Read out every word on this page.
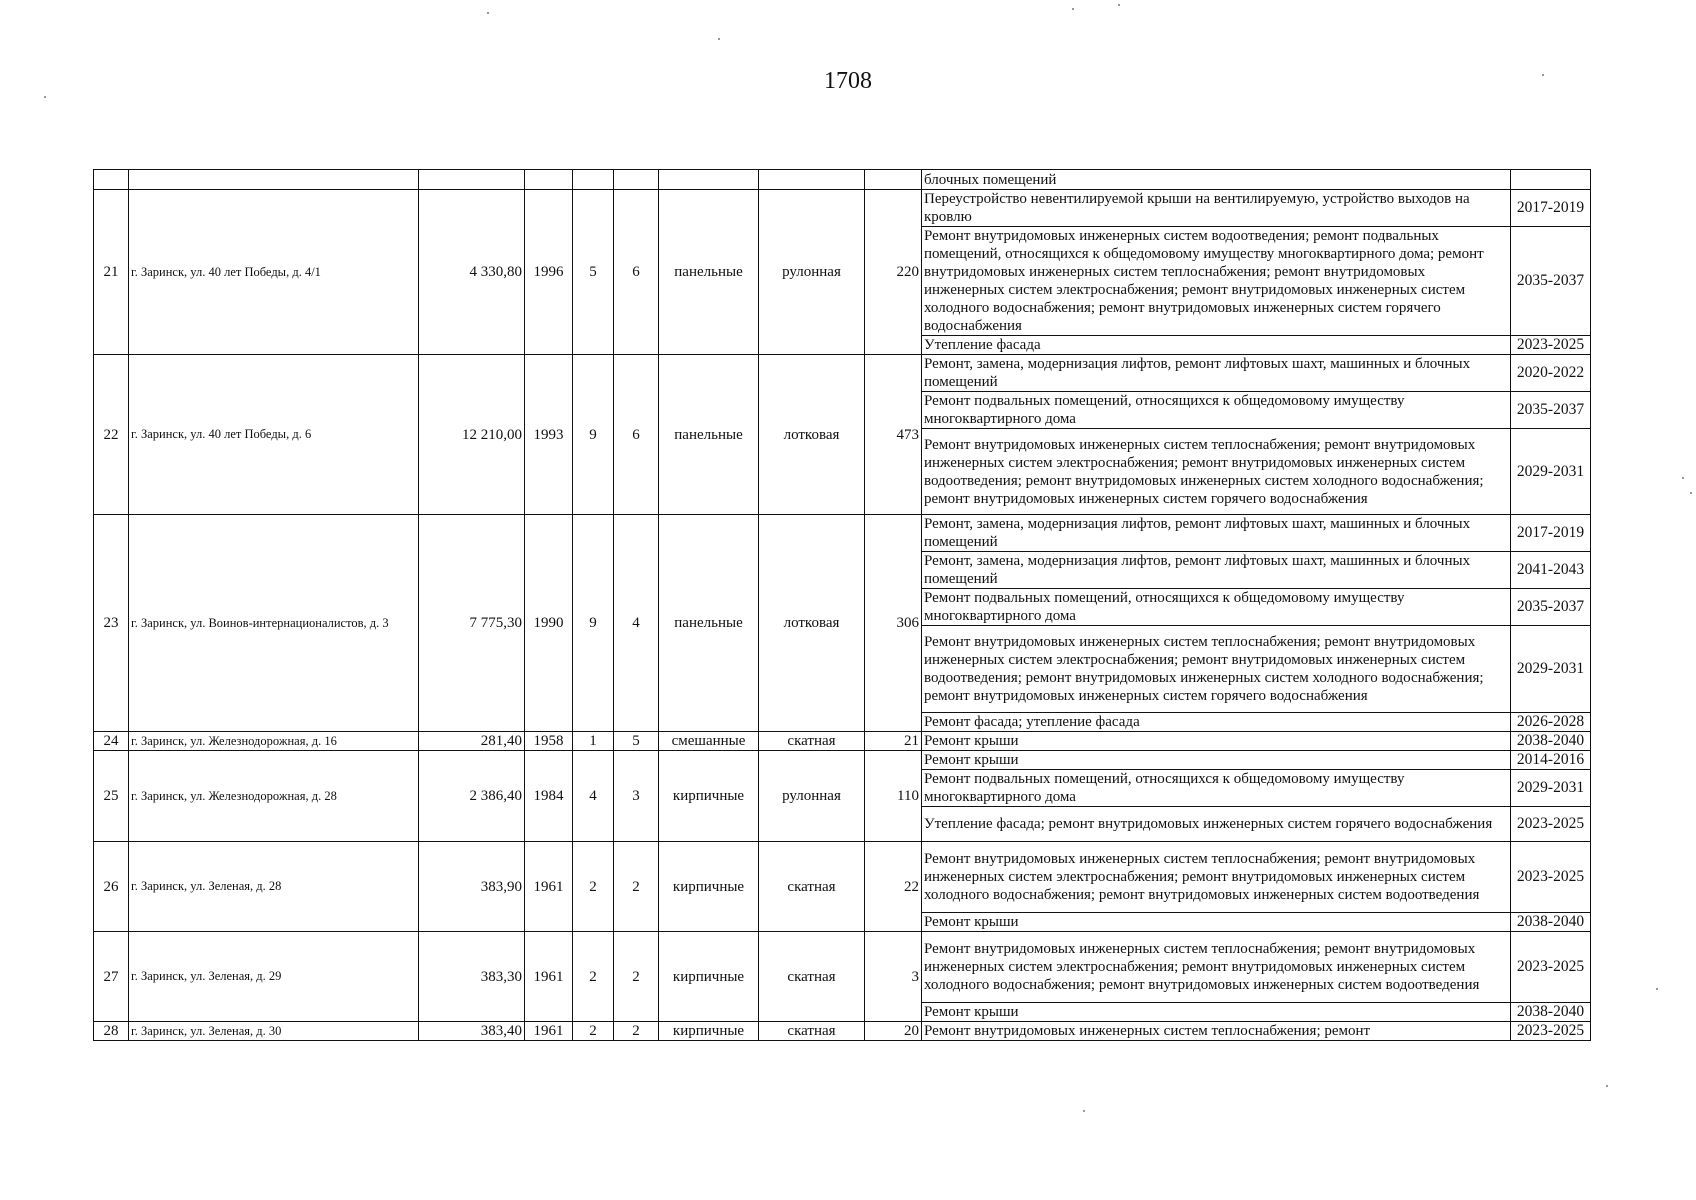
1708
									блочных помещений	
21	г. Заринск, ул. 40 лет Победы, д. 4/1	4 330,80	1996	5	6	панельные	рулонная	220	Переустройство невентилируемой крыши на вентилируемую, устройство выходов на кровлю	2017-2019
									Ремонт внутридомовых инженерных систем водоотведения; ремонт подвальных помещений, относящихся к общедомовому имуществу многоквартирного дома; ремонт внутридомовых инженерных систем теплоснабжения; ремонт внутридомовых инженерных систем электроснабжения; ремонт внутридомовых инженерных систем холодного водоснабжения; ремонт внутридомовых инженерных систем горячего водоснабжения	2035-2037
									Утепление фасада	2023-2025
22	г. Заринск, ул. 40 лет Победы, д. 6	12 210,00	1993	9	6	панельные	лотковая	473	Ремонт, замена, модернизация лифтов, ремонт лифтовых шахт, машинных и блочных помещений	2020-2022
									Ремонт подвальных помещений, относящихся к общедомовому имуществу многоквартирного дома	2035-2037
									Ремонт внутридомовых инженерных систем теплоснабжения; ремонт внутридомовых инженерных систем электроснабжения; ремонт внутридомовых инженерных систем водоотведения; ремонт внутридомовых инженерных систем холодного водоснабжения; ремонт внутридомовых инженерных систем горячего водоснабжения	2029-2031
23	г. Заринск, ул. Воинов-интернационалистов, д. 3	7 775,30	1990	9	4	панельные	лотковая	306	Ремонт, замена, модернизация лифтов, ремонт лифтовых шахт, машинных и блочных помещений	2017-2019
									Ремонт, замена, модернизация лифтов, ремонт лифтовых шахт, машинных и блочных помещений	2041-2043
									Ремонт подвальных помещений, относящихся к общедомовому имуществу многоквартирного дома	2035-2037
									Ремонт внутридомовых инженерных систем теплоснабжения; ремонт внутридомовых инженерных систем электроснабжения; ремонт внутридомовых инженерных систем водоотведения; ремонт внутридомовых инженерных систем холодного водоснабжения; ремонт внутридомовых инженерных систем горячего водоснабжения	2029-2031
									Ремонт фасада; утепление фасада	2026-2028
24	г. Заринск, ул. Железнодорожная, д. 16	281,40	1958	1	5	смешанные	скатная	21	Ремонт крыши	2038-2040
25	г. Заринск, ул. Железнодорожная, д. 28	2 386,40	1984	4	3	кирпичные	рулонная	110	Ремонт крыши	2014-2016
									Ремонт подвальных помещений, относящихся к общедомовому имуществу многоквартирного дома	2029-2031
									Утепление фасада; ремонт внутридомовых инженерных систем горячего водоснабжения	2023-2025
26	г. Заринск, ул. Зеленая, д. 28	383,90	1961	2	2	кирпичные	скатная	22	Ремонт внутридомовых инженерных систем теплоснабжения; ремонт внутридомовых инженерных систем электроснабжения; ремонт внутридомовых инженерных систем холодного водоснабжения; ремонт внутридомовых инженерных систем водоотведения	2023-2025
									Ремонт крыши	2038-2040
27	г. Заринск, ул. Зеленая, д. 29	383,30	1961	2	2	кирпичные	скатная	3	Ремонт внутридомовых инженерных систем теплоснабжения; ремонт внутридомовых инженерных систем электроснабжения; ремонт внутридомовых инженерных систем холодного водоснабжения; ремонт внутридомовых инженерных систем водоотведения	2023-2025
									Ремонт крыши	2038-2040
28	г. Заринск, ул. Зеленая, д. 30	383,40	1961	2	2	кирпичные	скатная	20	Ремонт внутридомовых инженерных систем теплоснабжения; ремонт	2023-2025
